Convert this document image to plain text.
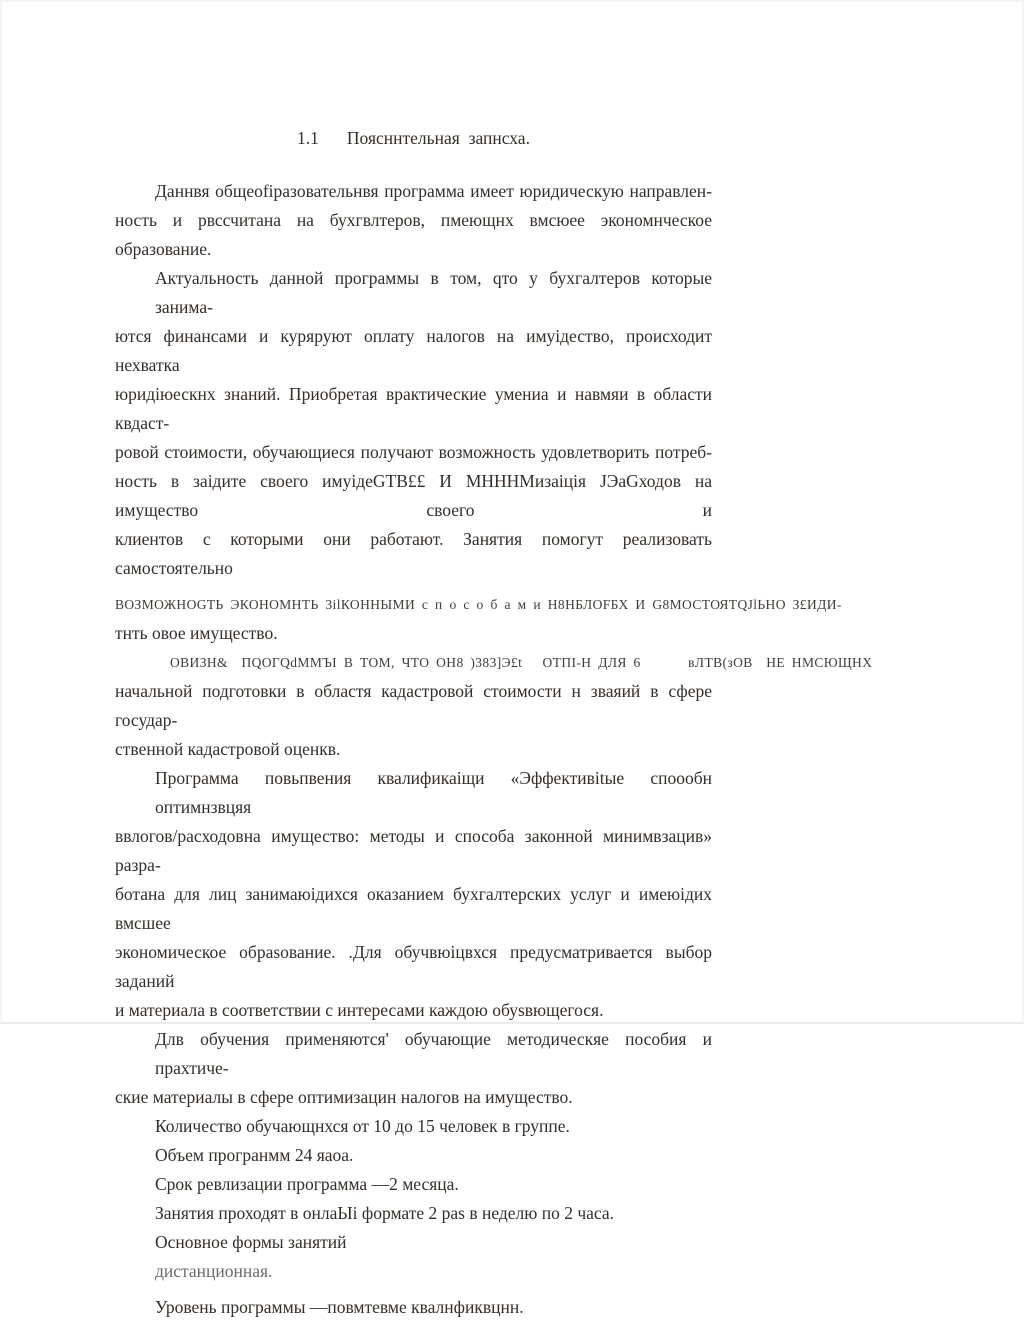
1.1 Поясннтельная  запнсха.
Даннвя общеоfiразовательнвя программа имеет юридическую направлен-
ность и рвссчитана на бухгвлтеров, пмеющнх вмсюее экономнческое образование.
Актуальность данной программы в том, qто у бухгалтеров которые занима-
ются финансами и куряруют оплату налогов на имуідество, происходит нехватка
юридіюескнх знаний. Приобретая врактические умениа и навмяи в области квдаст-
ровой стоимости, обучающиеся получают возможность удовлетворить потреб-
ность в заідите своего имуідеGТВ££ И МНННМизаіція ЈЭаGходов на имущество своего и
клиентов с которыми они работают. Занятия помогут реализовать самостоятельно
ВОЗМОЖНОGТЬ ЭКОНОМНТЬ 3ilКОННЫМИ с п о с о б а м и Н8НБЛОFБХ И G8МОСТОЯТQЈlЬНО З£ИДИ-
тнть овое имущество.
ОВИЗН&  ПQОГQdММЪІ В ТОМ, ЧТО ОН8 )383]Э£t   ОТПІ-Н ДЛЯ 6       вЛТВ(зОВ  НЕ НМСЮЩНХ
начальной подготовки в областя кадастровой стоимости н зваяий в сфере государ-
ственной кадастровой оценкв.
Программа повьпвения квалификаіщи «Эффективіtые споообн оптимнзвцяя
ввлогов/расходовна имущество: методы и способа законной минимвзацив» разра-
ботана для лиц занимаюідихся оказанием бухгалтерских услуг и имеюідих вмсшее
экономическое обраsование. .Для обучвюіцвхся предусматривается выбор заданий
и материала в соответствии с интересами каждою обуsвющегося.
Длв обучения применяются' обучающие методическяе пособия и прахтиче-
ские материалы в сфере оптимизацин налогов на имущество.
Количество обучающнхся от 10 до 15 человек в группе.
Объем програнмм 24 яаоа.
Срок ревлизации программа —2 месяца.
Занятия проходят в онлаЫі формате 2 раs в неделю по 2 часа.
Основное формы занятий
дистанционная.
Уровень программы —повмтевме квалнфиквцнн.
